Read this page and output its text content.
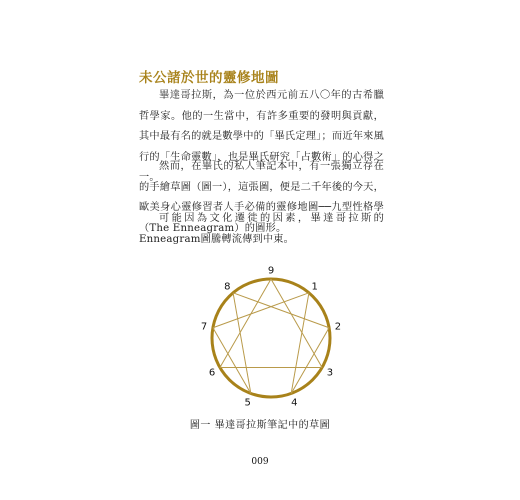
未公諸於世的靈修地圖

畢達哥拉斯，為一位於西元前五八〇年的古希臘哲學家。他的一生當中，有許多重要的發明與貢獻，其中最有名的就是數學中的「畢氏定理」；而近年來風行的「生命靈數」，也是畢氏研究「占數術」的心得之一。

然而，在畢氏的私人筆記本中，有一張獨立存在的手繪草圖（圖一），這張圖，便是二千年後的今天，歐美身心靈修習者人手必備的靈修地圖──九型性格學（The Enneagram）的圖形。

可能因為文化遷徙的因素，畢達哥拉斯的Enneagram圖騰轉流傳到中東。

9
1
2
3
4
5
6
7
8
圖一 畢達哥拉斯筆記中的草圖
009
